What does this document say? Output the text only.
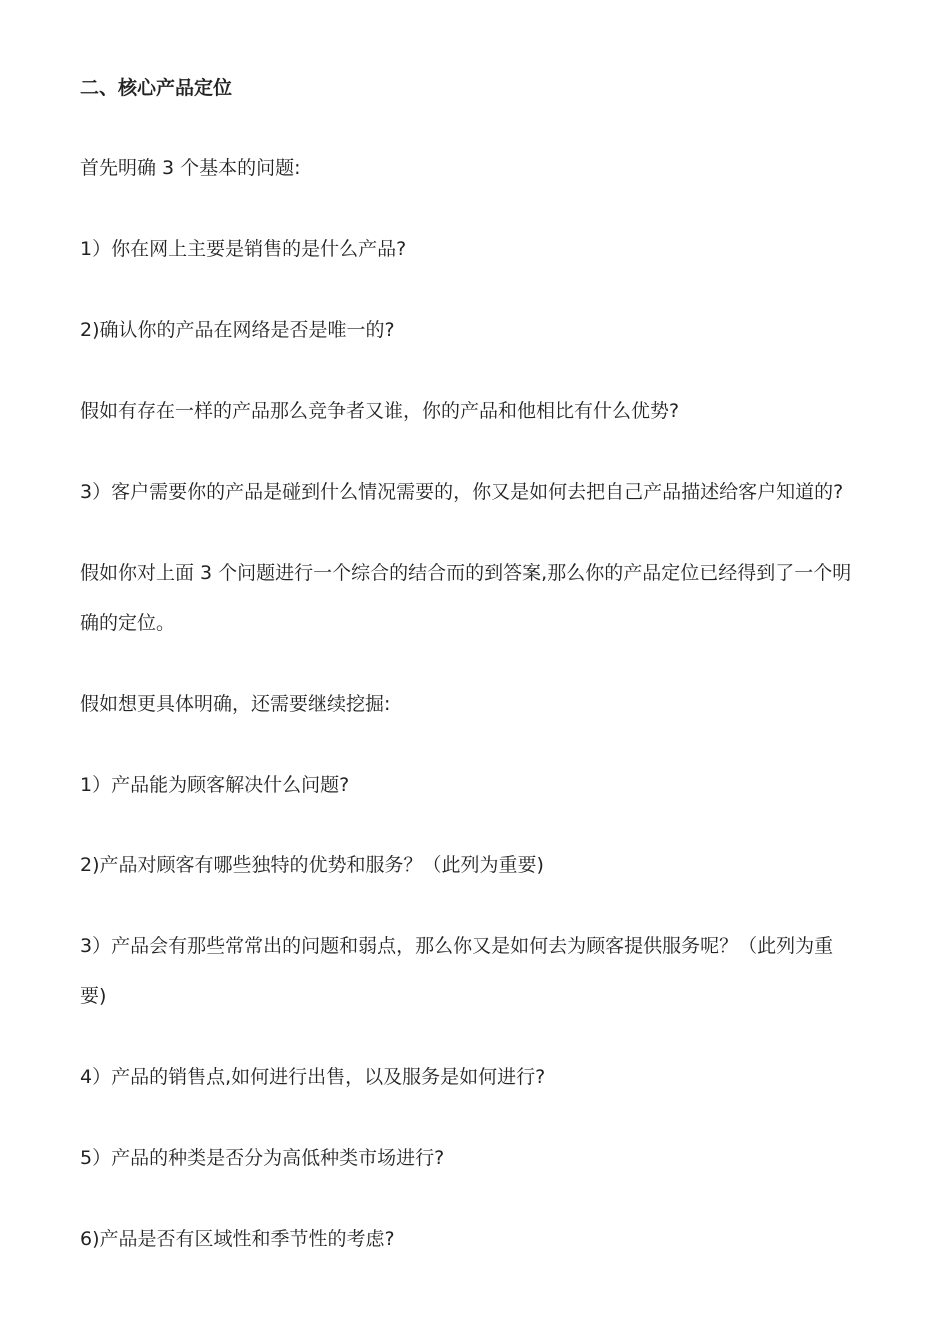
二、核心产品定位
首先明确 3 个基本的问题:
1）你在网上主要是销售的是什么产品?
2)确认你的产品在网络是否是唯一的?
假如有存在一样的产品那么竞争者又谁，你的产品和他相比有什么优势?
3）客户需要你的产品是碰到什么情况需要的，你又是如何去把自己产品描述给客户知道的?
假如你对上面 3 个问题进行一个综合的结合而的到答案,那么你的产品定位已经得到了一个明
确的定位。
假如想更具体明确，还需要继续挖掘:
1）产品能为顾客解决什么问题?
2)产品对顾客有哪些独特的优势和服务？（此列为重要)
3）产品会有那些常常出的问题和弱点，那么你又是如何去为顾客提供服务呢？（此列为重
要)
4）产品的销售点,如何进行出售，以及服务是如何进行?
5）产品的种类是否分为高低种类市场进行?
6)产品是否有区域性和季节性的考虑?
